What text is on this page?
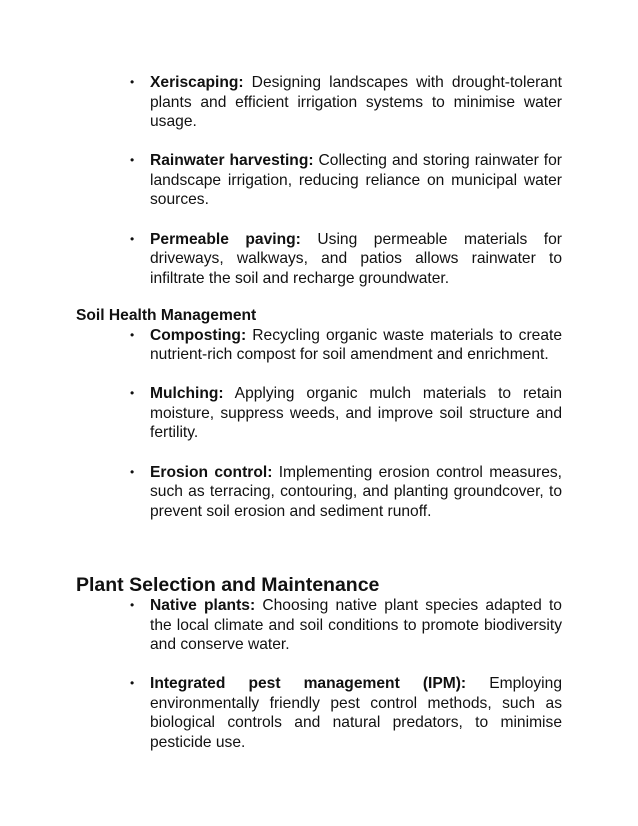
• Xeriscaping: Designing landscapes with drought-tolerant plants and efficient irrigation systems to minimise water usage.
• Rainwater harvesting: Collecting and storing rainwater for landscape irrigation, reducing reliance on municipal water sources.
• Permeable paving: Using permeable materials for driveways, walkways, and patios allows rainwater to infiltrate the soil and recharge groundwater.

Soil Health Management

• Composting: Recycling organic waste materials to create nutrient-rich compost for soil amendment and enrichment.
• Mulching: Applying organic mulch materials to retain moisture, suppress weeds, and improve soil structure and fertility.
• Erosion control: Implementing erosion control measures, such as terracing, contouring, and planting groundcover, to prevent soil erosion and sediment runoff.

Plant Selection and Maintenance

• Native plants: Choosing native plant species adapted to the local climate and soil conditions to promote biodiversity and conserve water.
• Integrated pest management (IPM): Employing environmentally friendly pest control methods, such as biological controls and natural predators, to minimise pesticide use.
